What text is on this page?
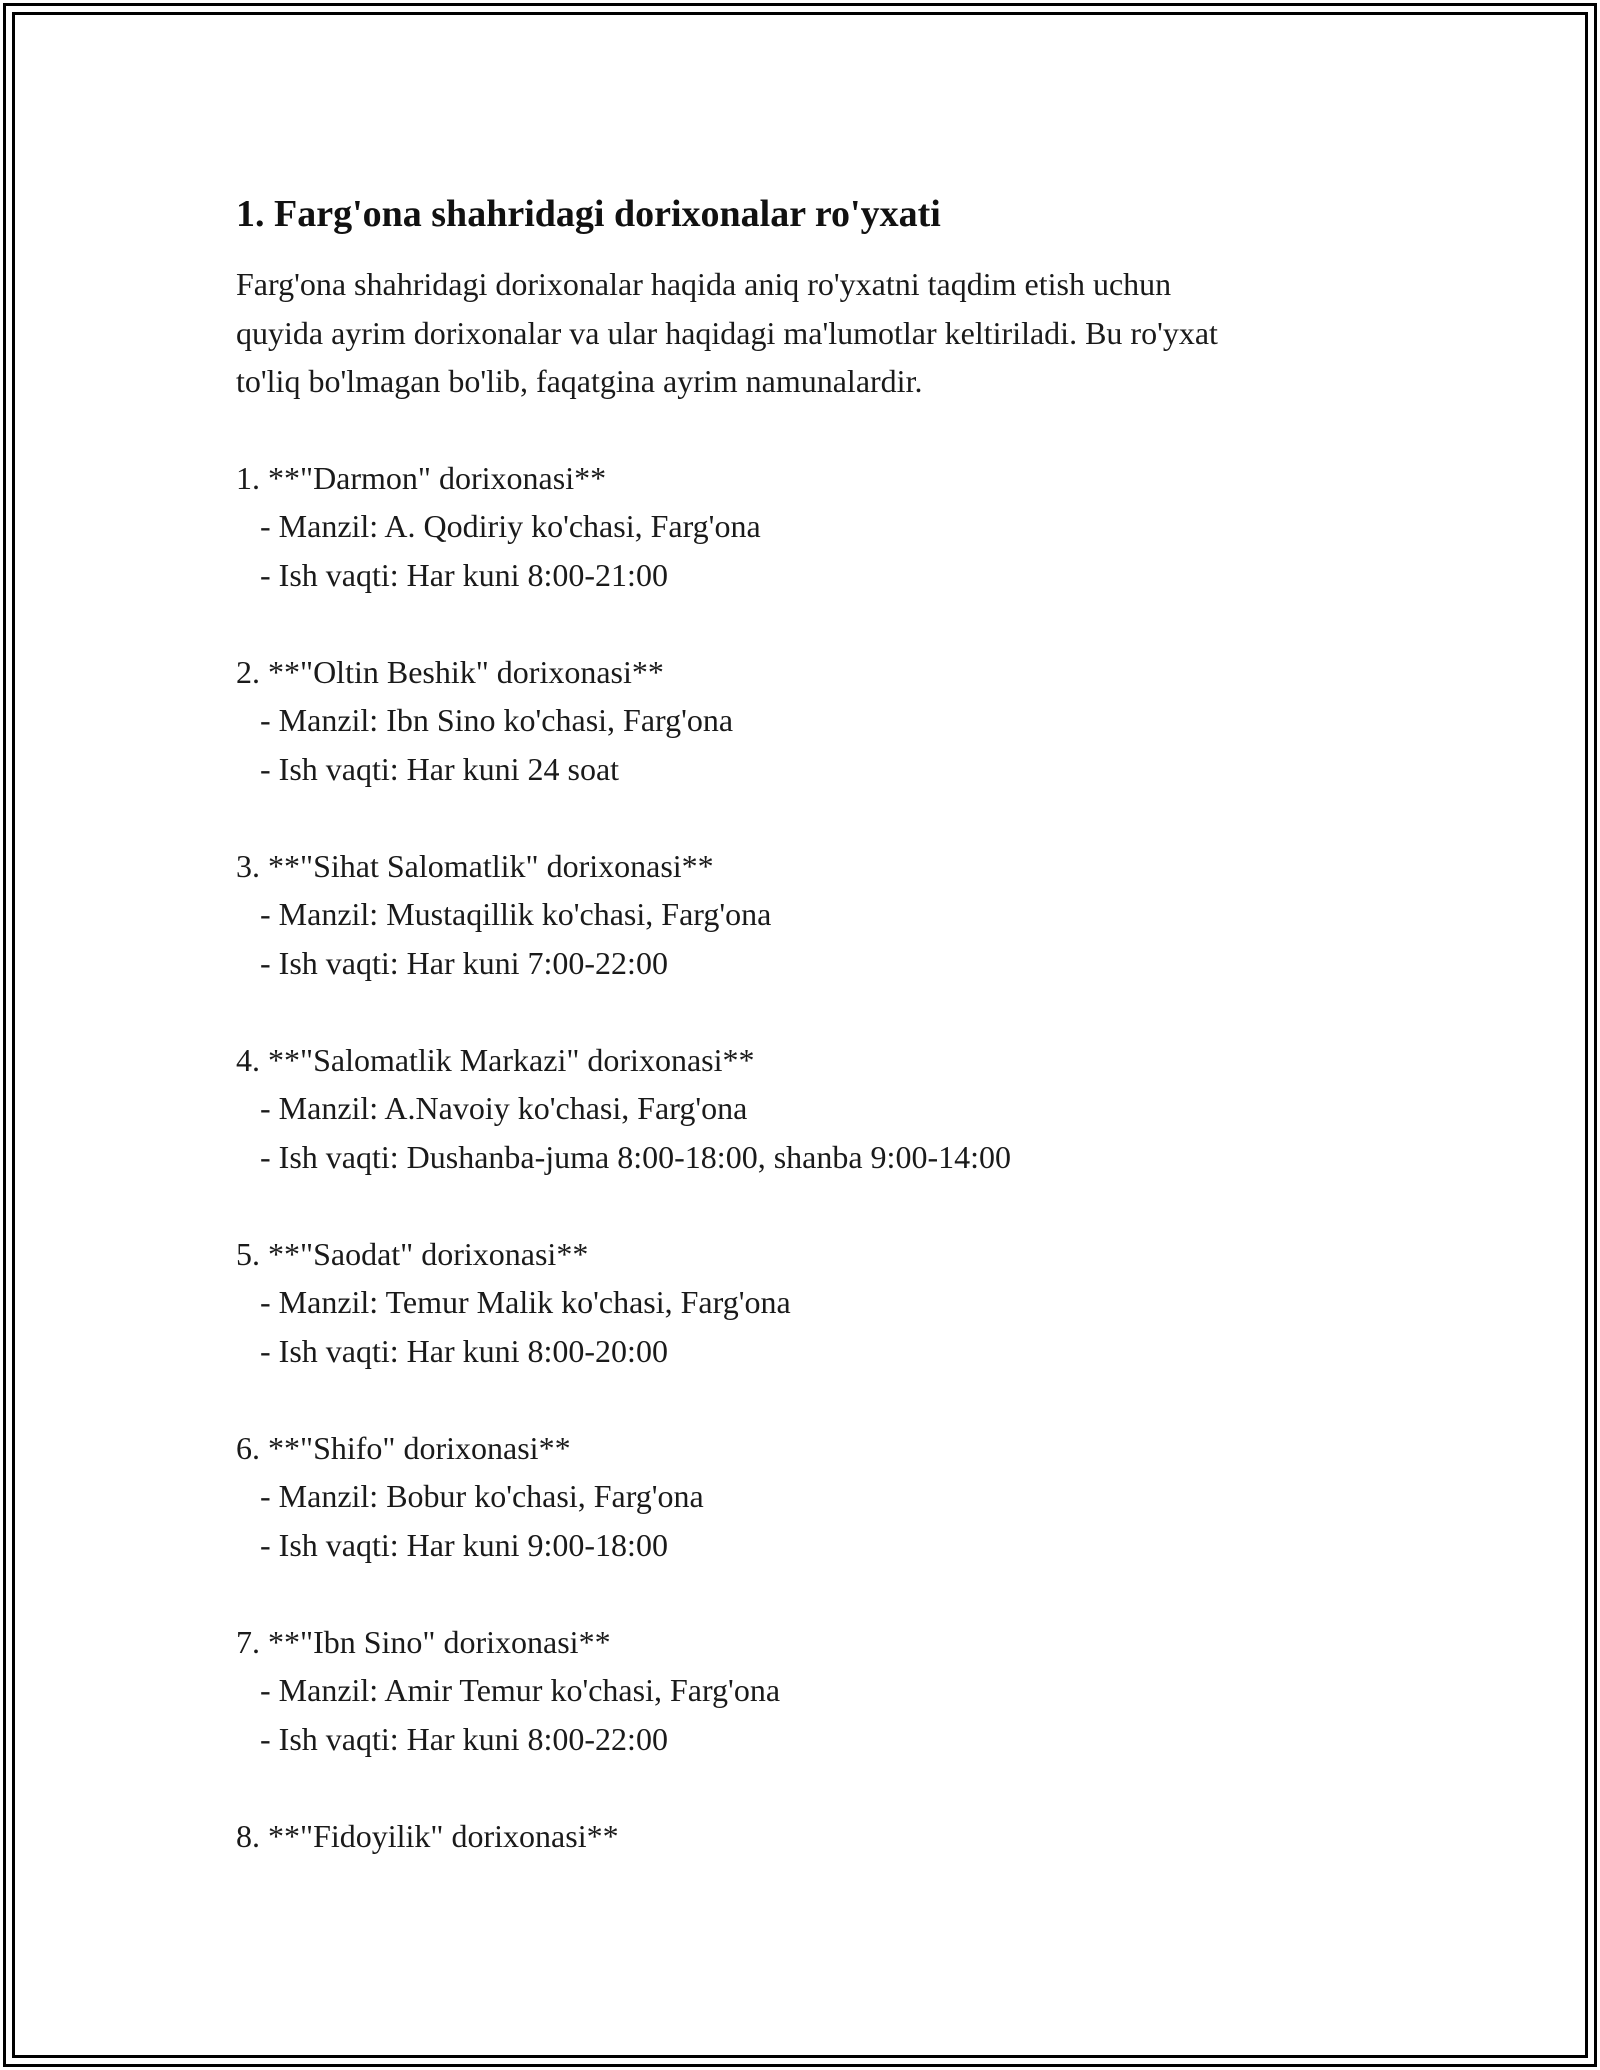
1. Farg'ona shahridagi dorixonalar ro'yxati

Farg'ona shahridagi dorixonalar haqida aniq ro'yxatni taqdim etish uchun
quyida ayrim dorixonalar va ular haqidagi ma'lumotlar keltiriladi. Bu ro'yxat
to'liq bo'lmagan bo'lib, faqatgina ayrim namunalardir.

1. **"Darmon" dorixonasi**

- Manzil: A. Qodiriy ko'chasi, Farg'ona

- Ish vaqti: Har kuni 8:00-21:00

2. **"Oltin Beshik" dorixonasi**

- Manzil: Ibn Sino ko'chasi, Farg'ona

- Ish vaqti: Har kuni 24 soat

3. **"Sihat Salomatlik" dorixonasi**

- Manzil: Mustaqillik ko'chasi, Farg'ona

- Ish vaqti: Har kuni 7:00-22:00

4. **"Salomatlik Markazi" dorixonasi**

- Manzil: A.Navoiy ko'chasi, Farg'ona

- Ish vaqti: Dushanba-juma 8:00-18:00, shanba 9:00-14:00

5. **"Saodat" dorixonasi**

- Manzil: Temur Malik ko'chasi, Farg'ona

- Ish vaqti: Har kuni 8:00-20:00

6. **"Shifo" dorixonasi**

- Manzil: Bobur ko'chasi, Farg'ona

- Ish vaqti: Har kuni 9:00-18:00

7. **"Ibn Sino" dorixonasi**

- Manzil: Amir Temur ko'chasi, Farg'ona

- Ish vaqti: Har kuni 8:00-22:00

8. **"Fidoyilik" dorixonasi**
